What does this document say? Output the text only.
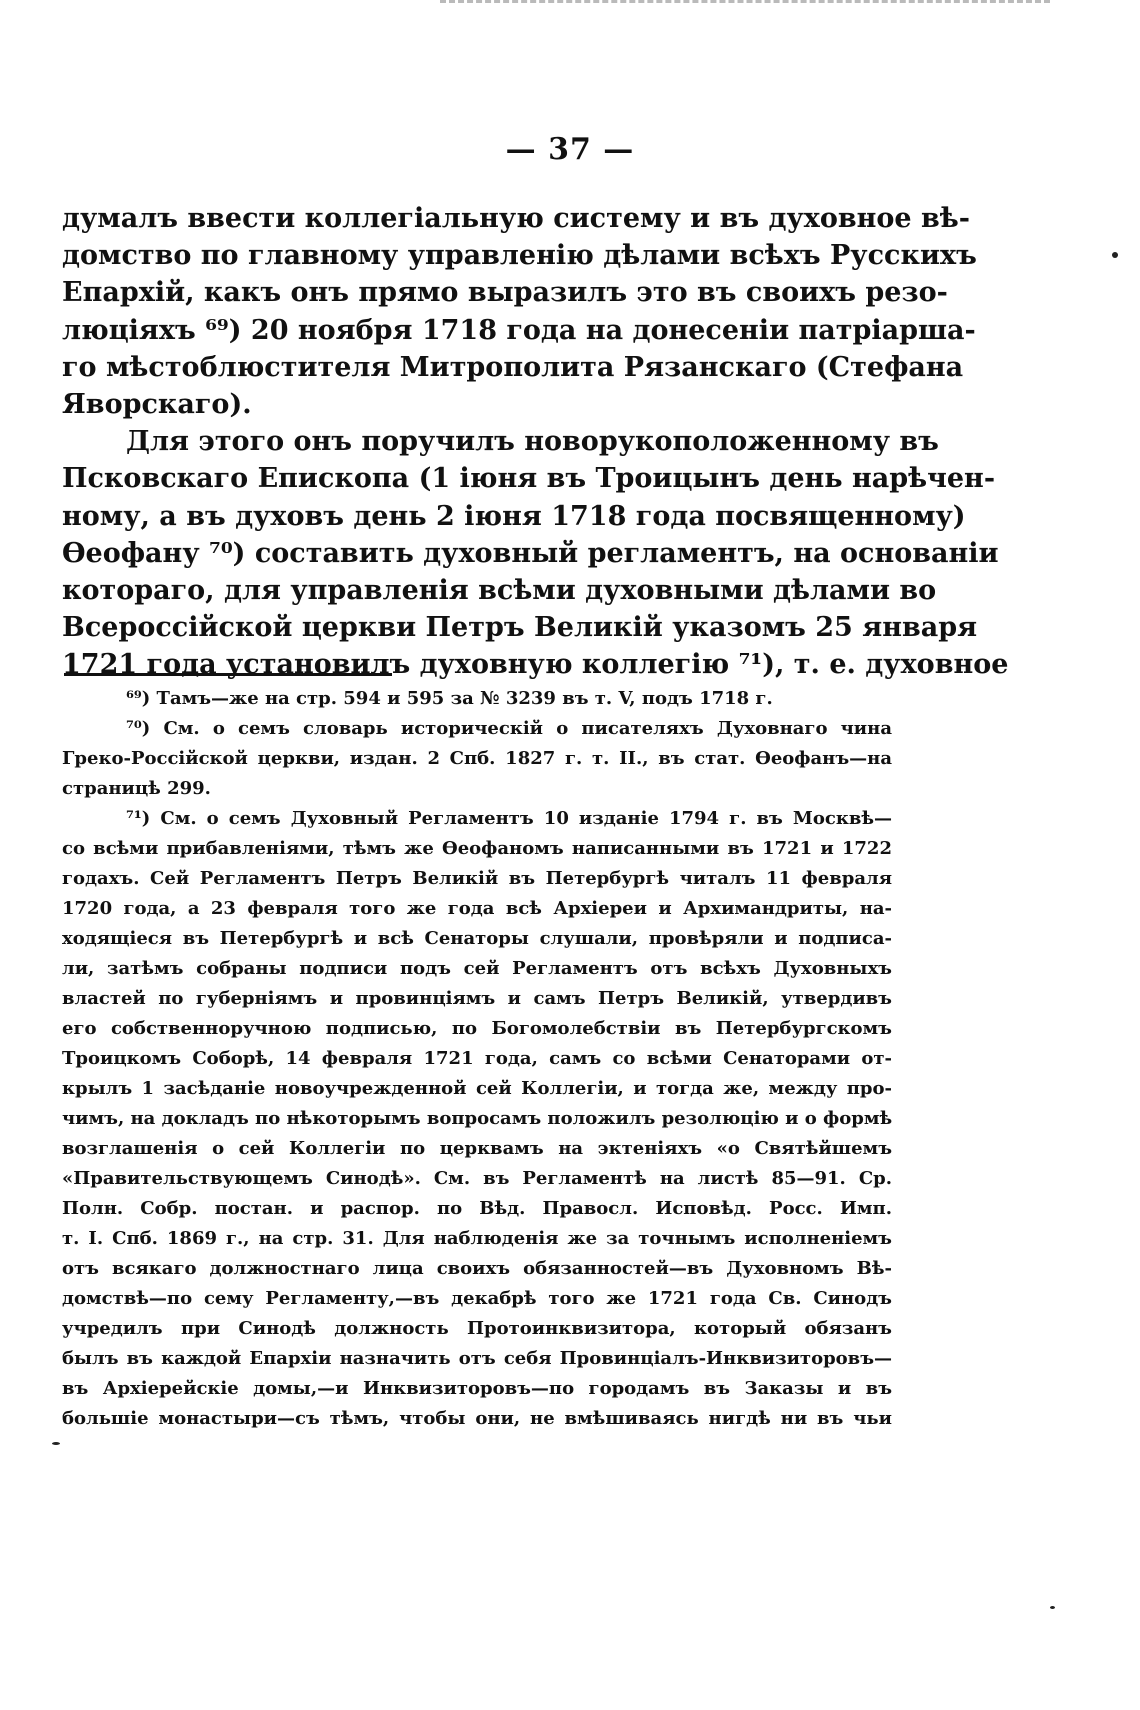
— 37 —
думалъ ввести коллегіальную систему и въ духовное вѣ-
домство по главному управленію дѣлами всѣхъ Русскихъ
Епархій, какъ онъ прямо выразилъ это въ своихъ резо-
люціяхъ ⁶⁹) 20 ноября 1718 года на донесеніи патріарша-
го мѣстоблюстителя Митрополита Рязанскаго (Стефана
Яворскаго).
Для этого онъ поручилъ новорукоположенному въ
Псковскаго Епископа (1 іюня въ Троицынъ день нарѣчен-
ному, а въ духовъ день 2 іюня 1718 года посвященному)
Ѳеофану ⁷⁰) составить духовный регламентъ, на основаніи
котораго, для управленія всѣми духовными дѣлами во
Всероссійской церкви Петръ Великій указомъ 25 января
1721 года установилъ духовную коллегію ⁷¹), т. е. духовное
⁶⁹) Тамъ—же на стр. 594 и 595 за № 3239 въ т. V, подъ 1718 г.
⁷⁰) См. о семъ словарь историческій о писателяхъ Духовнаго чина
Греко-Россійской церкви, издан. 2 Спб. 1827 г. т. II., въ стат. Ѳеофанъ—на
страницѣ 299.
⁷¹) См. о семъ Духовный Регламентъ 10 изданіе 1794 г. въ Москвѣ—
со всѣми прибавленіями, тѣмъ же Ѳеофаномъ написанными въ 1721 и 1722
годахъ. Сей Регламентъ Петръ Великій въ Петербургѣ читалъ 11 февраля
1720 года, а 23 февраля того же года всѣ Архіереи и Архимандриты, на-
ходящіеся въ Петербургѣ и всѣ Сенаторы слушали, провѣряли и подписа-
ли, затѣмъ собраны подписи подъ сей Регламентъ отъ всѣхъ Духовныхъ
властей по губерніямъ и провинціямъ и самъ Петръ Великій, утвердивъ
его собственноручною подписью, по Богомолебствіи въ Петербургскомъ
Троицкомъ Соборѣ, 14 февраля 1721 года, самъ со всѣми Сенаторами от-
крылъ 1 засѣданіе новоучрежденной сей Коллегіи, и тогда же, между про-
чимъ, на докладъ по нѣкоторымъ вопросамъ положилъ резолюцію и о формѣ
возглашенія о сей Коллегіи по церквамъ на эктеніяхъ «о Святѣйшемъ
«Правительствующемъ Синодѣ». См. въ Регламентѣ на листѣ 85—91. Ср.
Полн. Собр. постан. и распор. по Вѣд. Правосл. Исповѣд. Росс. Имп.
т. I. Спб. 1869 г., на стр. 31. Для наблюденія же за точнымъ исполненіемъ
отъ всякаго должностнаго лица своихъ обязанностей—въ Духовномъ Вѣ-
домствѣ—по сему Регламенту,—въ декабрѣ того же 1721 года Св. Синодъ
учредилъ при Синодѣ должность Протоинквизитора, который обязанъ
былъ въ каждой Епархіи назначить отъ себя Провинціалъ-Инквизиторовъ—
въ Архіерейскіе домы,—и Инквизиторовъ—по городамъ въ Заказы и въ
большіе монастыри—съ тѣмъ, чтобы они, не вмѣшиваясь нигдѣ ни въ чьи
